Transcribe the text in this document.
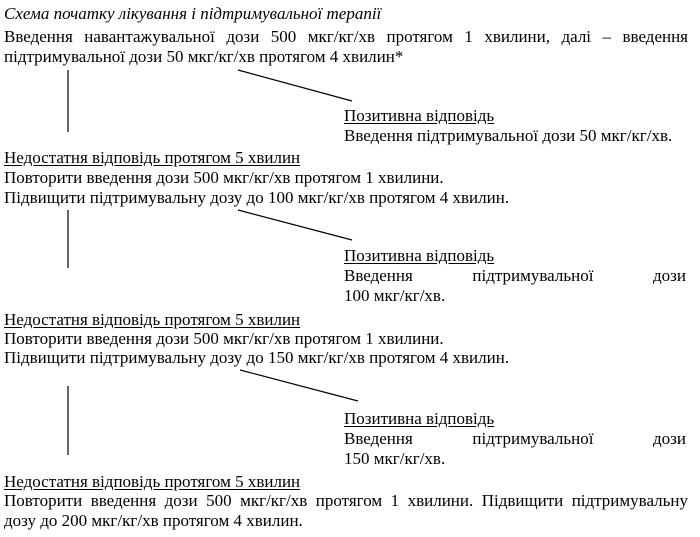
Схема початку лікування і підтримувальної терапії
Введення навантажувальної дози 500 мкг/кг/хв протягом 1 хвилини, далі – введення
підтримувальної дози 50 мкг/кг/хв протягом 4 хвилин*
Позитивна відповідь
Введення підтримувальної дози 50 мкг/кг/хв.
Недостатня відповідь протягом 5 хвилин
Повторити введення дози 500 мкг/кг/хв протягом 1 хвилини.
Підвищити підтримувальну дозу до 100 мкг/кг/хв протягом 4 хвилин.
Позитивна відповідь
Введення підтримувальної дози
100 мкг/кг/хв.
Недостатня відповідь протягом 5 хвилин
Повторити введення дози 500 мкг/кг/хв протягом 1 хвилини.
Підвищити підтримувальну дозу до 150 мкг/кг/хв протягом 4 хвилин.
Позитивна відповідь
Введення підтримувальної дози
150 мкг/кг/хв.
Недостатня відповідь протягом 5 хвилин
Повторити введення дози 500 мкг/кг/хв протягом 1 хвилини. Підвищити підтримувальну
дозу до 200 мкг/кг/хв протягом 4 хвилин.
